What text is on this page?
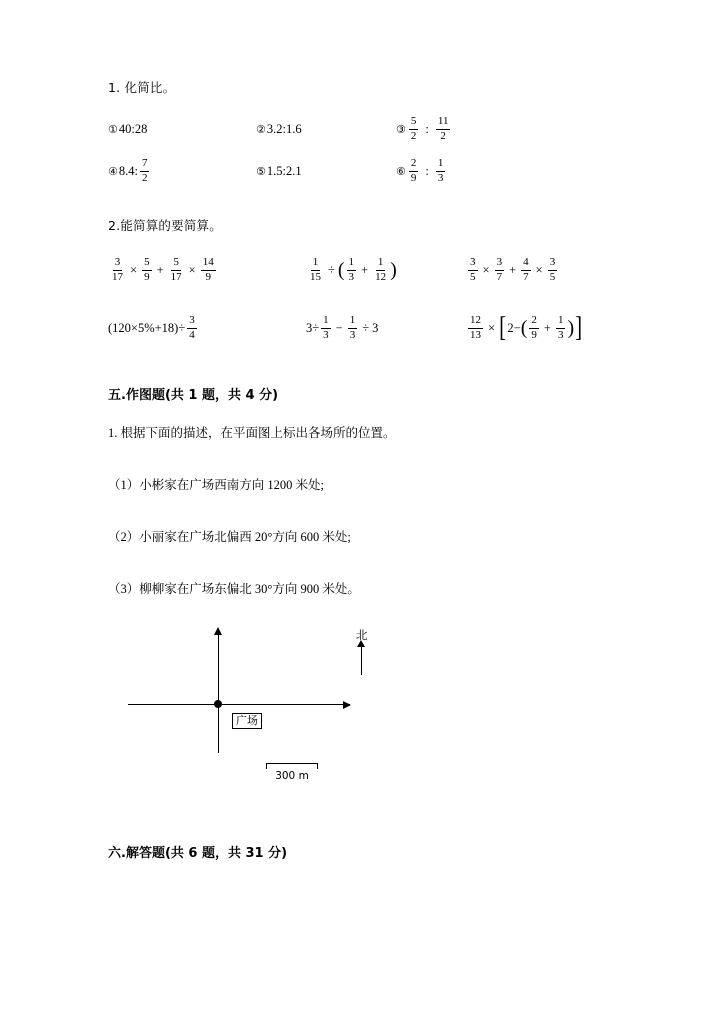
1. 化简比。

① 40:28	② 3.2:1.6	③ $\frac{5}{2}$ : $\frac{11}{2}$
④ 8.4: $\frac{7}{2}$	⑤ 1.5:2.1	⑥ $\frac{2}{9}$ : $\frac{1}{3}$

2.能简算的要简算。

$\frac{3}{17} \times \frac{5}{9} + \frac{5}{17} \times \frac{14}{9}$	$\frac{1}{15}$ ÷ ( $\frac{1}{3} + \frac{1}{12}$ )	$\frac{3}{5} \times \frac{3}{7} + \frac{4}{7} \times \frac{3}{5}$
$(120\times 5\%+18)\div \frac{3}{4}$	$3\div \frac{1}{3} - \frac{1}{3} \div 3$	$\frac{12}{13}$ × [ 2− ( $\frac{2}{9} + \frac{1}{3}$ ) ]

五.作图题(共 1 题，共 4 分)

1. 根据下面的描述，在平面图上标出各场所的位置。

（1）小彬家在广场西南方向 1200 米处;

（2）小丽家在广场北偏西 20°方向 600 米处;

（3）柳柳家在广场东偏北 30°方向 900 米处。

广场
北
300 m

六.解答题(共 6 题，共 31 分)
